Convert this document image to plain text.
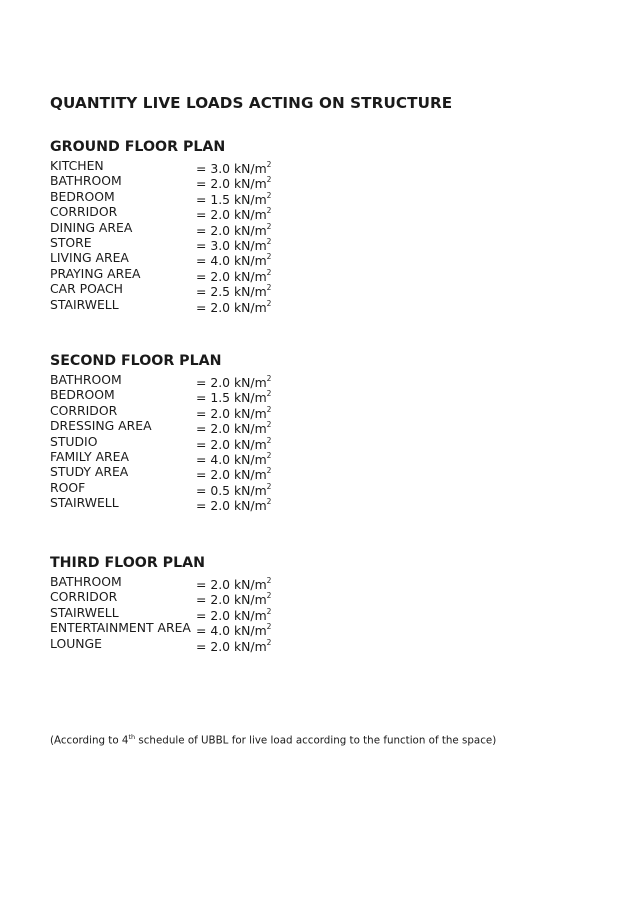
QUANTITY LIVE LOADS ACTING ON STRUCTURE
GROUND FLOOR PLAN
KITCHEN	= 3.0 $kN/m^2$
BATHROOM	= 2.0 $kN/m^2$
BEDROOM	= 1.5 $kN/m^2$
CORRIDOR	= 2.0 $kN/m^2$
DINING AREA	= 2.0 $kN/m^2$
STORE	= 3.0 $kN/m^2$
LIVING AREA	= 4.0 $kN/m^2$
PRAYING AREA	= 2.0 $kN/m^2$
CAR POACH	= 2.5 $kN/m^2$
STAIRWELL	= 2.0 $kN/m^2$
SECOND FLOOR PLAN
BATHROOM	= 2.0 $kN/m^2$
BEDROOM	= 1.5 $kN/m^2$
CORRIDOR	= 2.0 $kN/m^2$
DRESSING AREA	= 2.0 $kN/m^2$
STUDIO	= 2.0 $kN/m^2$
FAMILY AREA	= 4.0 $kN/m^2$
STUDY AREA	= 2.0 $kN/m^2$
ROOF	= 0.5 $kN/m^2$
STAIRWELL	= 2.0 $kN/m^2$
THIRD FLOOR PLAN
BATHROOM	= 2.0 $kN/m^2$
CORRIDOR	= 2.0 $kN/m^2$
STAIRWELL	= 2.0 $kN/m^2$
ENTERTAINMENT AREA = 4.0 $kN/m^2$
LOUNGE	= 2.0 $kN/m^2$
(According to 4th schedule of UBBL for live load according to the function of the space)
